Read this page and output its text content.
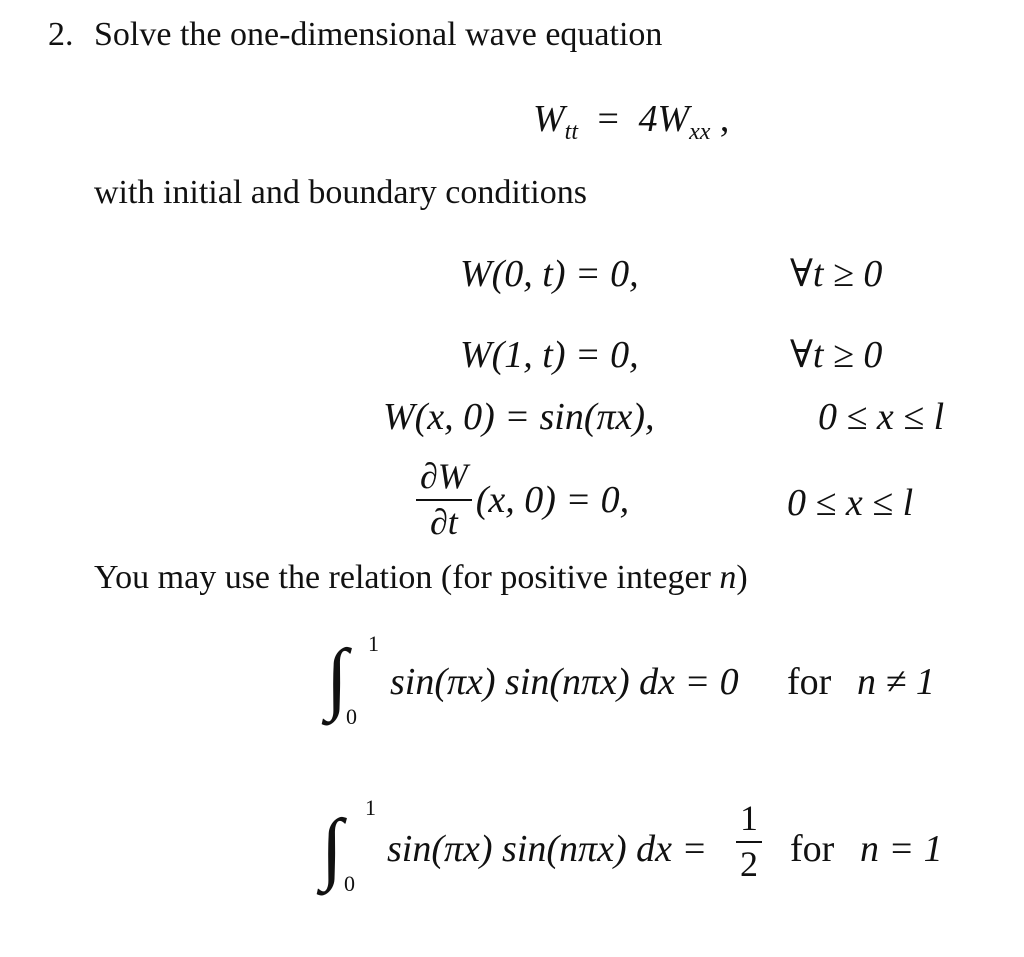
2. Solve the one-dimensional wave equation
$W_{tt} = 4W_{xx}$ ,
with initial and boundary conditions
W(0, t) = 0,	∀t ≥ 0
W(1, t) = 0,	∀t ≥ 0
W(x, 0) = sin(πx),	0 ≤ x ≤ l
$\frac{\partial W}{\partial t} (x$, 0) = 0,	0 ≤ x ≤ l
You may use the relation (for positive integer n)
∫ 1
0
sin(πx) sin(nπx) dx = 0 for n ≠ 1
∫ 1
0
sin(πx) sin(nπx) dx = $\frac{1}{2}$ for n = 1
